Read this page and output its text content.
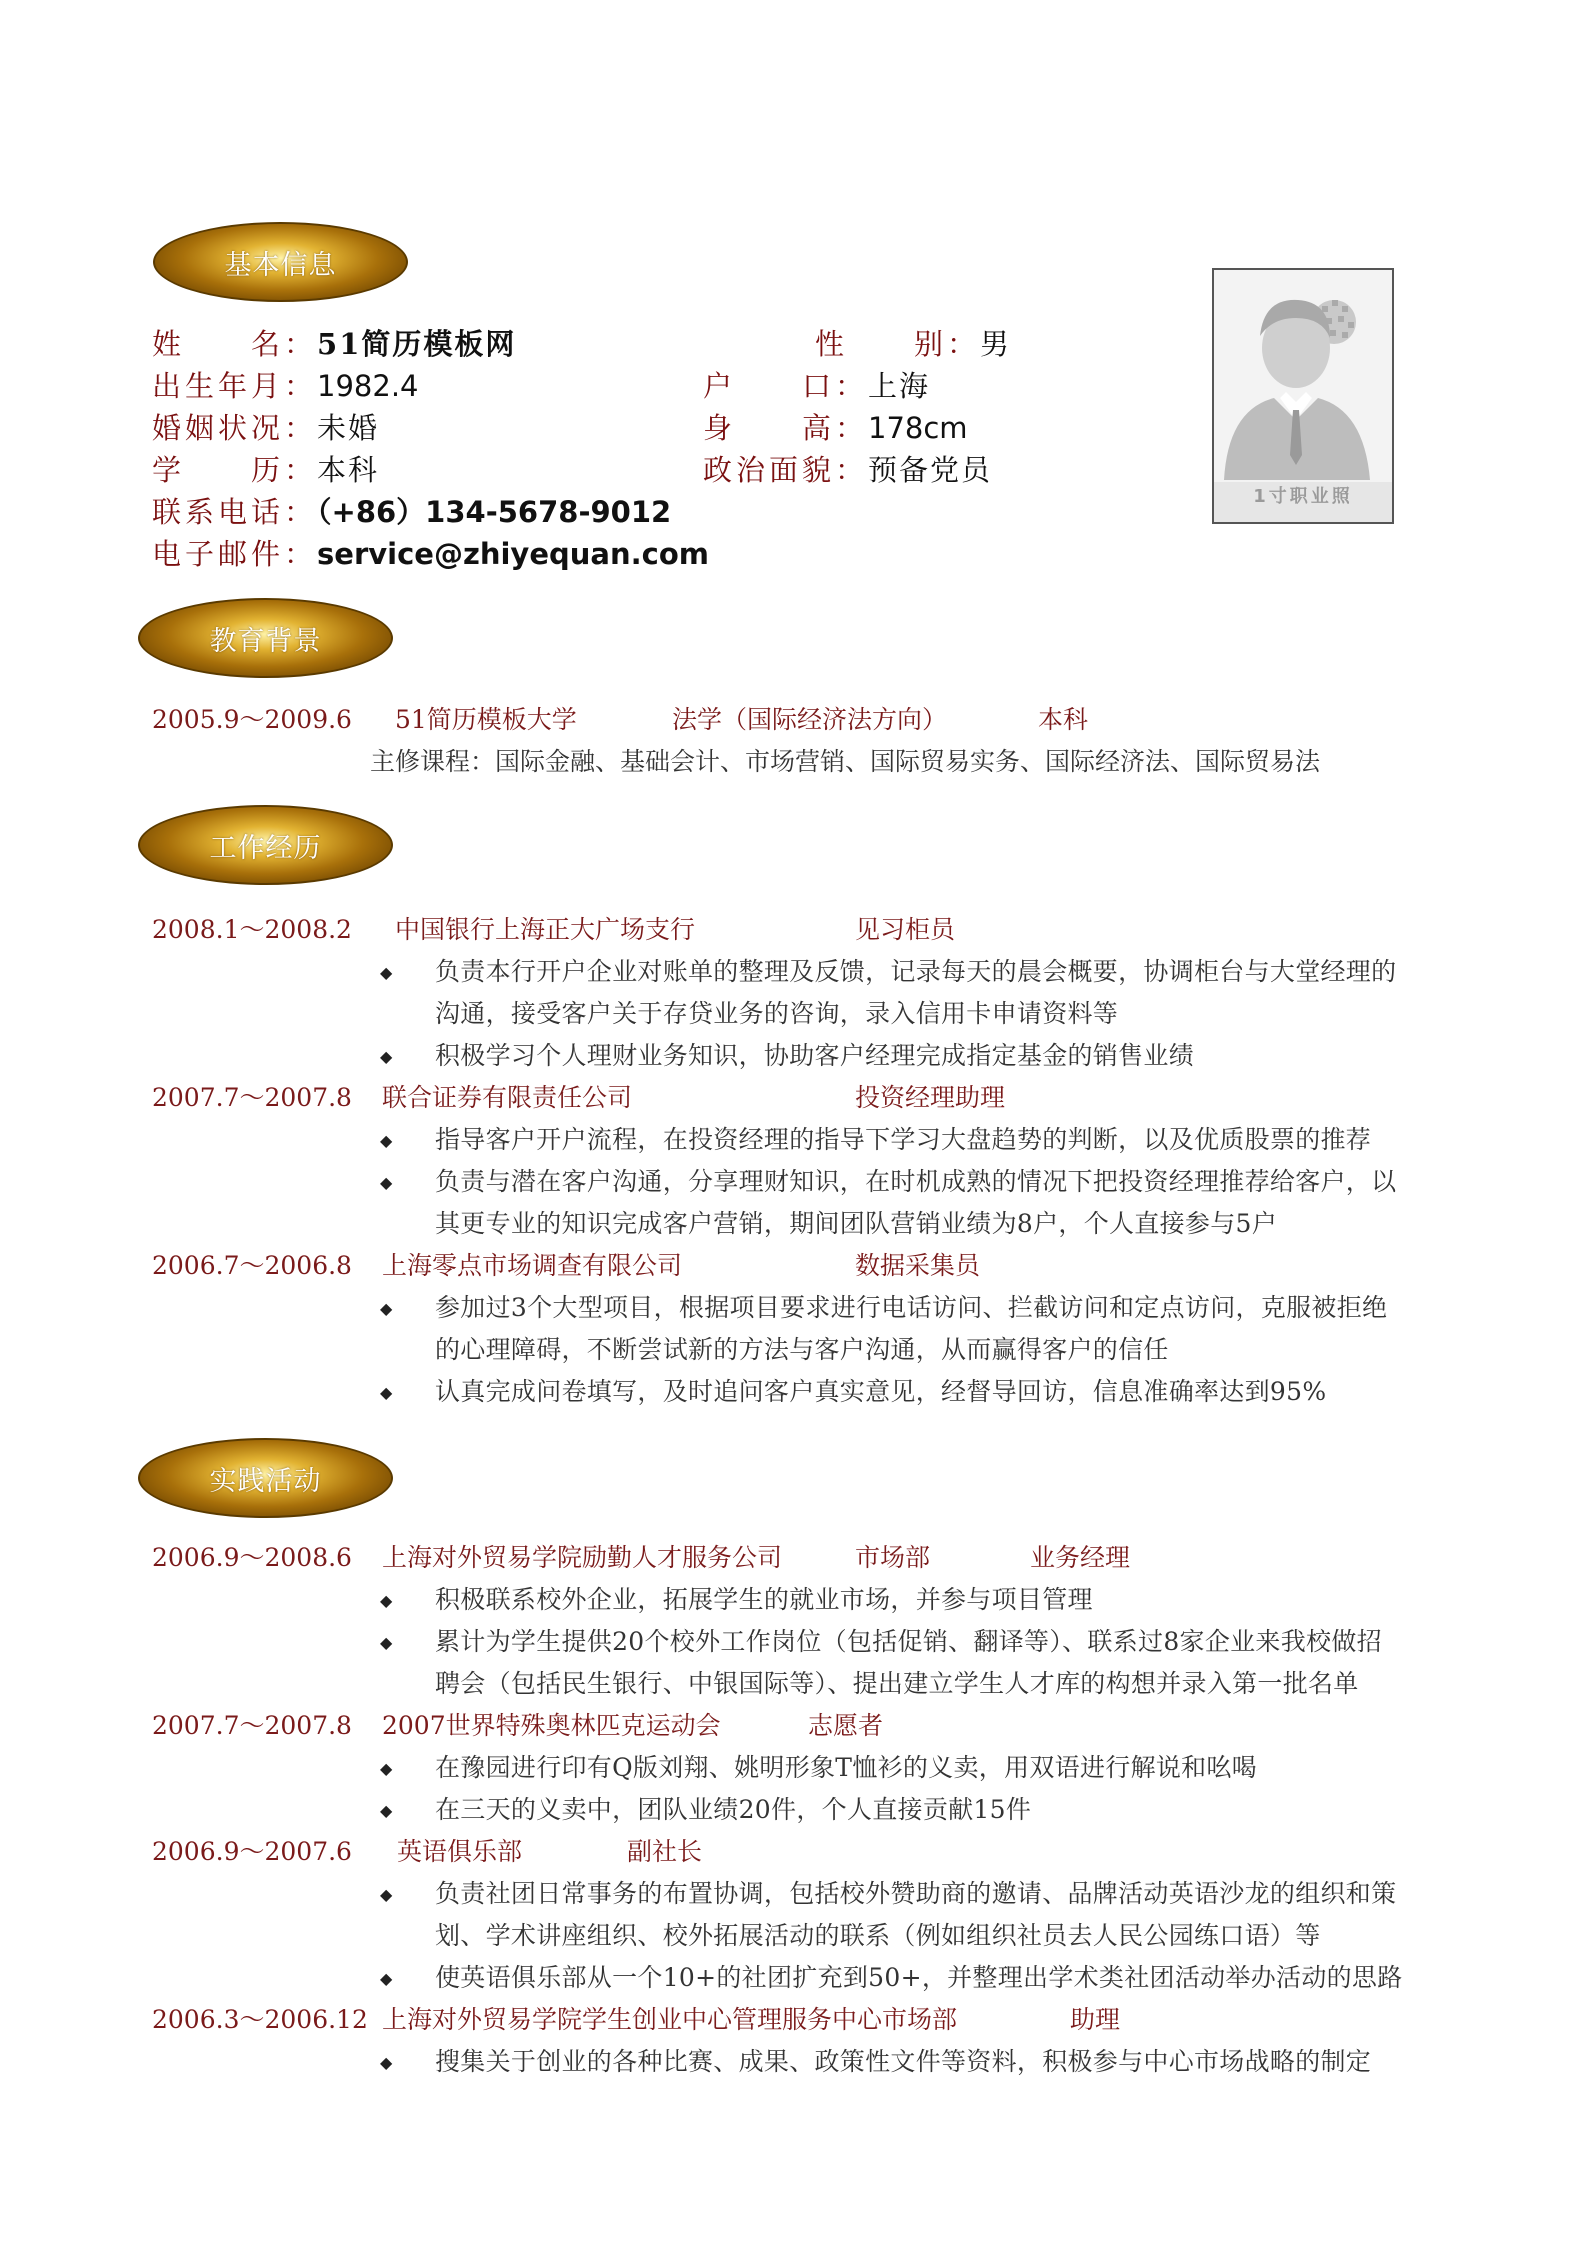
基本信息
教育背景
工作经历
实践活动
姓　　名：51简历模板网	性　　别：男
出生年月：1982.4	户　　口：上海
婚姻状况：未婚	身　　高：178cm
学　　历：本科	政治面貌：预备党员
联系电话：（+86）134-5678-9012
电子邮件：service@zhiyequan.com
1寸职业照
2005.9～2009.6 51简历模板大学	法学（国际经济法方向）	本科
主修课程：国际金融、基础会计、市场营销、国际贸易实务、国际经济法、国际贸易法
2008.1～2008.2 中国银行上海正大广场支行	见习柜员
◆ 负责本行开户企业对账单的整理及反馈，记录每天的晨会概要，协调柜台与大堂经理的
沟通，接受客户关于存贷业务的咨询，录入信用卡申请资料等
◆ 积极学习个人理财业务知识，协助客户经理完成指定基金的销售业绩
2007.7～2007.8 联合证券有限责任公司	投资经理助理
◆ 指导客户开户流程，在投资经理的指导下学习大盘趋势的判断，以及优质股票的推荐
◆ 负责与潜在客户沟通，分享理财知识，在时机成熟的情况下把投资经理推荐给客户，以
其更专业的知识完成客户营销，期间团队营销业绩为8户，个人直接参与5户
2006.7～2006.8 上海零点市场调查有限公司	数据采集员
◆ 参加过3个大型项目，根据项目要求进行电话访问、拦截访问和定点访问，克服被拒绝
的心理障碍，不断尝试新的方法与客户沟通，从而赢得客户的信任
◆ 认真完成问卷填写，及时追问客户真实意见，经督导回访，信息准确率达到95%
2006.9～2008.6 上海对外贸易学院励勤人才服务公司	市场部	业务经理
◆ 积极联系校外企业，拓展学生的就业市场，并参与项目管理
◆ 累计为学生提供20个校外工作岗位（包括促销、翻译等）、联系过8家企业来我校做招
聘会（包括民生银行、中银国际等）、提出建立学生人才库的构想并录入第一批名单
2007.7～2007.8 2007世界特殊奥林匹克运动会	志愿者
◆ 在豫园进行印有Q版刘翔、姚明形象T恤衫的义卖，用双语进行解说和吆喝
◆ 在三天的义卖中，团队业绩20件，个人直接贡献15件
2006.9～2007.6 英语俱乐部	副社长
◆ 负责社团日常事务的布置协调，包括校外赞助商的邀请、品牌活动英语沙龙的组织和策
划、学术讲座组织、校外拓展活动的联系（例如组织社员去人民公园练口语）等
◆ 使英语俱乐部从一个10+的社团扩充到50+，并整理出学术类社团活动举办活动的思路
2006.3～2006.12 上海对外贸易学院学生创业中心管理服务中心市场部	助理
◆ 搜集关于创业的各种比赛、成果、政策性文件等资料，积极参与中心市场战略的制定
